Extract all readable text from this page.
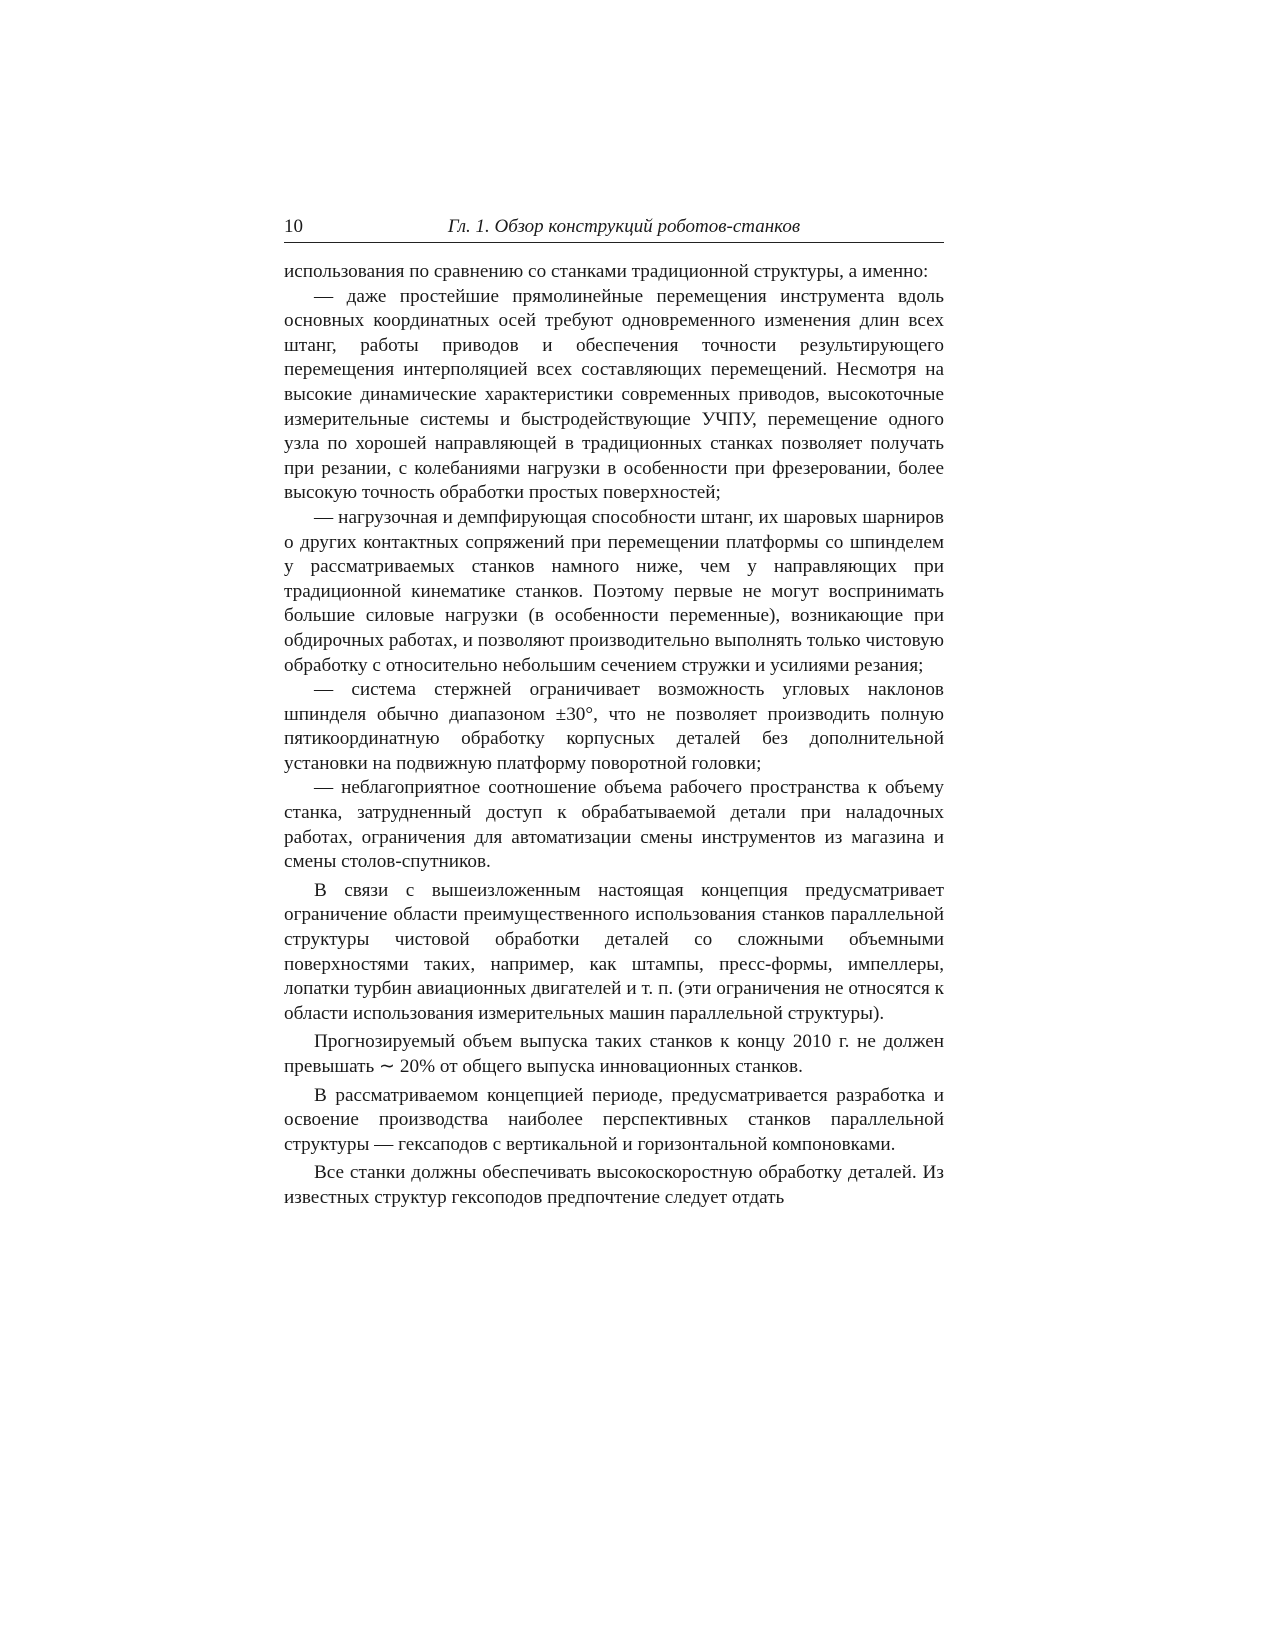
10	Гл. 1. Обзор конструкций роботов-станков

использования по сравнению со станками традиционной структуры, а именно:

— даже простейшие прямолинейные перемещения инструмента вдоль основных координатных осей требуют одновременного изменения длин всех штанг, работы приводов и обеспечения точности результирующего перемещения интерполяцией всех составляющих перемещений. Несмотря на высокие динамические характеристики современных приводов, высокоточные измерительные системы и быстродействующие УЧПУ, перемещение одного узла по хорошей направляющей в традиционных станках позволяет получать при резании, с колебаниями нагрузки в особенности при фрезеровании, более высокую точность обработки простых поверхностей;

— нагрузочная и демпфирующая способности штанг, их шаровых шарниров о других контактных сопряжений при перемещении платформы со шпинделем у рассматриваемых станков намного ниже, чем у направляющих при традиционной кинематике станков. Поэтому первые не могут воспринимать большие силовые нагрузки (в особенности переменные), возникающие при обдирочных работах, и позволяют производительно выполнять только чистовую обработку с относительно небольшим сечением стружки и усилиями резания;

— система стержней ограничивает возможность угловых наклонов шпинделя обычно диапазоном ±30°, что не позволяет производить полную пятикоординатную обработку корпусных деталей без дополнительной установки на подвижную платформу поворотной головки;

— неблагоприятное соотношение объема рабочего пространства к объему станка, затрудненный доступ к обрабатываемой детали при наладочных работах, ограничения для автоматизации смены инструментов из магазина и смены столов-спутников.

В связи с вышеизложенным настоящая концепция предусматривает ограничение области преимущественного использования станков параллельной структуры чистовой обработки деталей со сложными объемными поверхностями таких, например, как штампы, пресс-формы, импеллеры, лопатки турбин авиационных двигателей и т. п. (эти ограничения не относятся к области использования измерительных машин параллельной структуры).

Прогнозируемый объем выпуска таких станков к концу 2010 г. не должен превышать ∼ 20% от общего выпуска инновационных станков.

В рассматриваемом концепцией периоде, предусматривается разработка и освоение производства наиболее перспективных станков параллельной структуры — гексаподов с вертикальной и горизонтальной компоновками.

Все станки должны обеспечивать высокоскоростную обработку деталей. Из известных структур гексоподов предпочтение следует отдать
